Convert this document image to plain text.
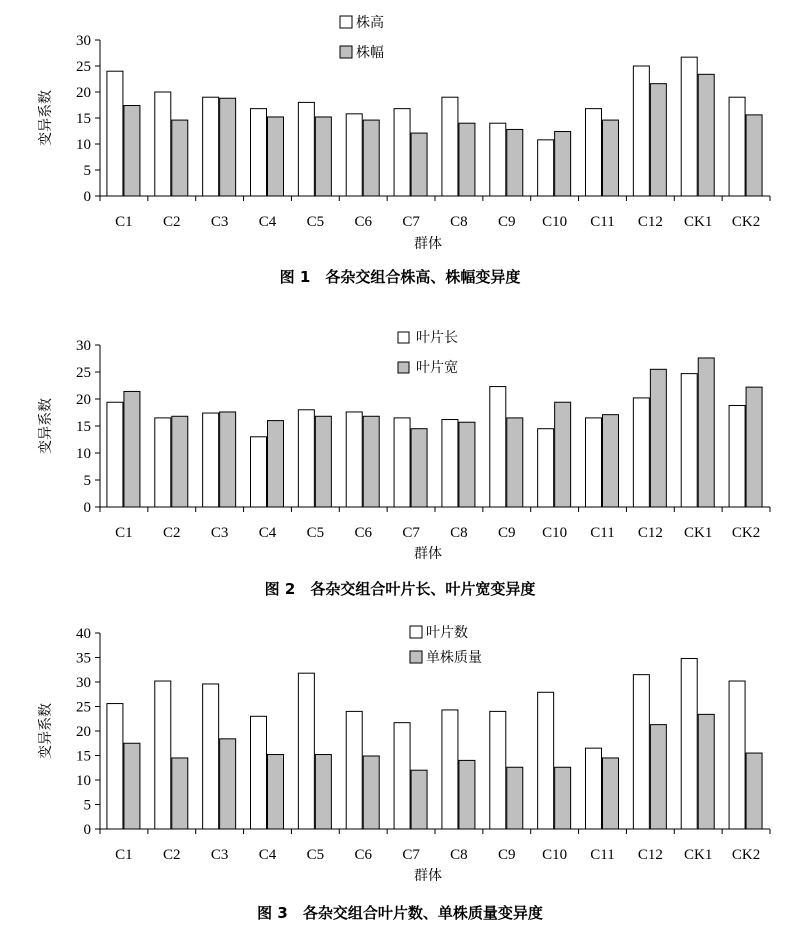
0
5
10
15
20
25
30
C1 C2 C3 C4 C5 C6 C7 C8 C9 C10 C11 C12 CK1 CK2
群体
变异系数
株高
株幅
图 1　各杂交组合株高、株幅变异度
0
5
10
15
20
25
30
C1 C2 C3 C4 C5 C6 C7 C8 C9 C10 C11 C12 CK1 CK2
群体
变异系数
叶片长
叶片宽
图 2　各杂交组合叶片长、叶片宽变异度
0
5
10
15
20
25
30
35
40
C1 C2 C3 C4 C5 C6 C7 C8 C9 C10 C11 C12 CK1 CK2
群体
变异系数
叶片数
单株质量
图 3　各杂交组合叶片数、单株质量变异度
